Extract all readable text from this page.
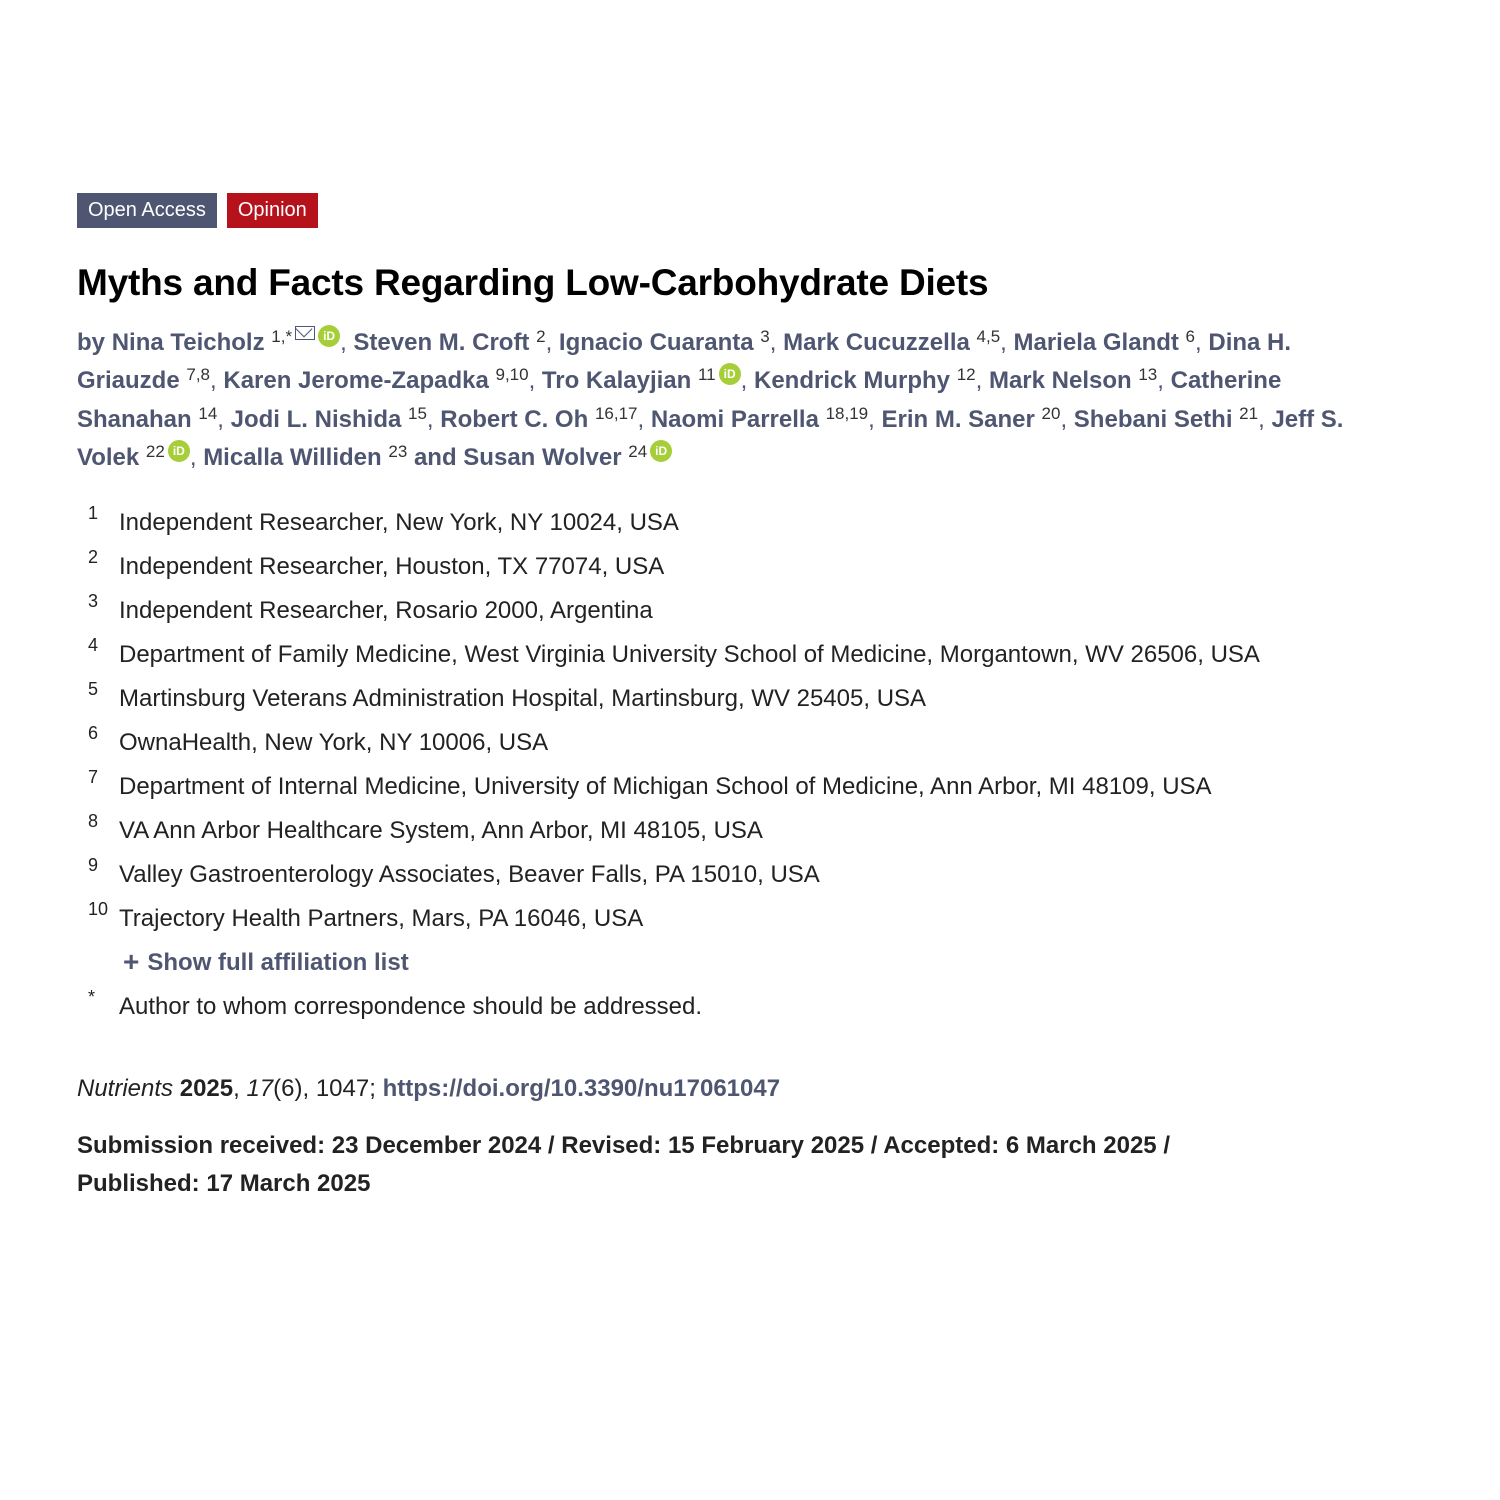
Open Access	Opinion
Myths and Facts Regarding Low-Carbohydrate Diets
by Nina Teicholz $^{1,*}$	iD , Steven M. Croft $^2$, Ignacio Cuaranta $^3$, Mark Cucuzzella $^{4,5}$, Mariela Glandt $^6$, Dina H. Griauzde $^{7,8}$, Karen Jerome-Zapadka $^{9,10}$, Tro Kalayjian $^{11}$ iD , Kendrick Murphy $^{12}$, Mark Nelson $^{13}$, Catherine Shanahan $^{14}$, Jodi L. Nishida $^{15}$, Robert C. Oh $^{16,17}$, Naomi Parrella $^{18,19}$, Erin M. Saner $^{20}$, Shebani Sethi $^{21}$, Jeff S. Volek $^{22}$ iD , Micalla Williden $^{23}$ and Susan Wolver $^{24}$ iD
1 Independent Researcher, New York, NY 10024, USA
2 Independent Researcher, Houston, TX 77074, USA
3 Independent Researcher, Rosario 2000, Argentina
4 Department of Family Medicine, West Virginia University School of Medicine, Morgantown, WV 26506, USA
5 Martinsburg Veterans Administration Hospital, Martinsburg, WV 25405, USA
6 OwnaHealth, New York, NY 10006, USA
7 Department of Internal Medicine, University of Michigan School of Medicine, Ann Arbor, MI 48109, USA
8 VA Ann Arbor Healthcare System, Ann Arbor, MI 48105, USA
9 Valley Gastroenterology Associates, Beaver Falls, PA 15010, USA
10 Trajectory Health Partners, Mars, PA 16046, USA
+ Show full affiliation list
* Author to whom correspondence should be addressed.
Nutrients 2025, 17(6), 1047; https://doi.org/10.3390/nu17061047
Submission received: 23 December 2024 / Revised: 15 February 2025 / Accepted: 6 March 2025 /
Published: 17 March 2025
